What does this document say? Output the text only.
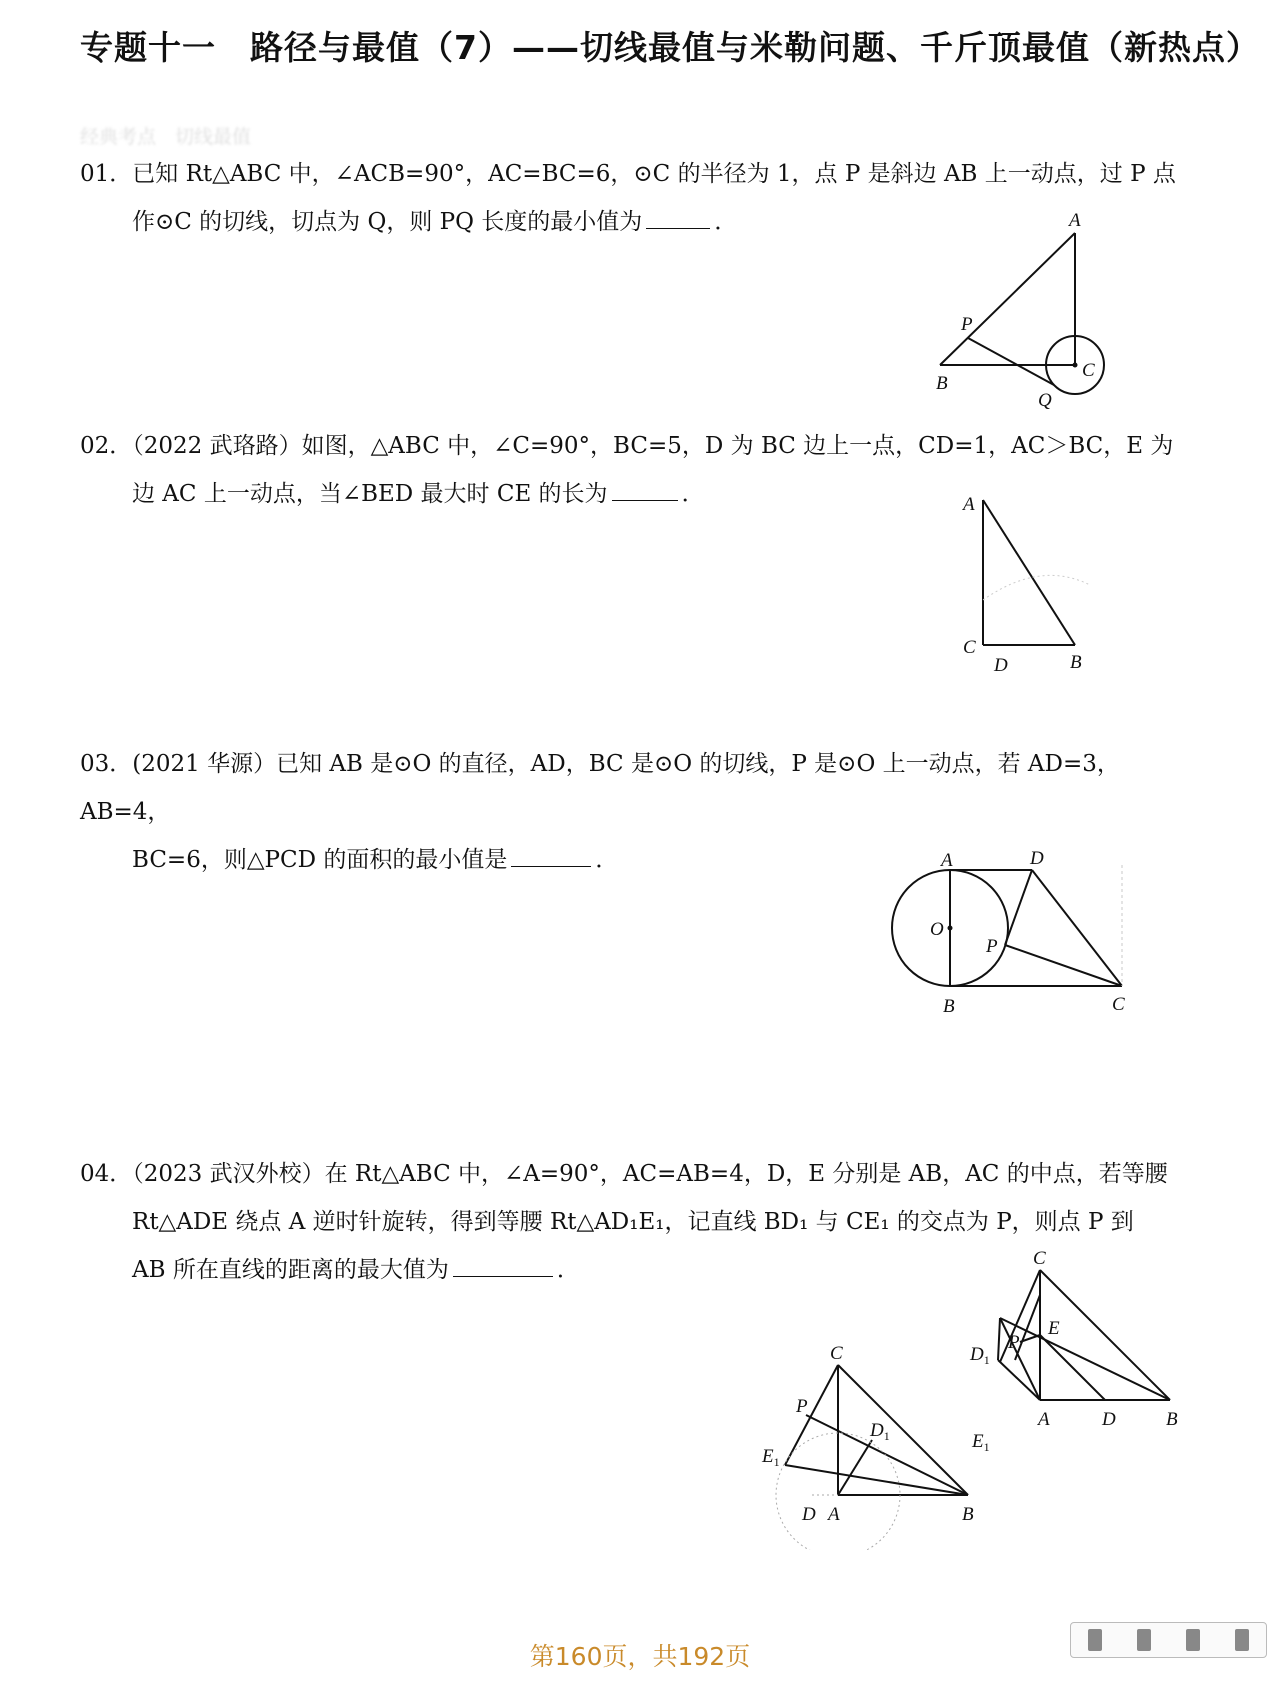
专题十一　路径与最值（7）——切线最值与米勒问题、千斤顶最值（新热点）
经典考点　切线最值
01．已知 Rt△ABC 中，∠ACB=90°，AC=BC=6，⊙C 的半径为 1，点 P 是斜边 AB 上一动点，过 P 点
作⊙C 的切线，切点为 Q，则 PQ 长度的最小值为	．	A
B
C
P
Q
02．（2022 武珞路）如图，△ABC 中，∠C=90°，BC=5，D 为 BC 边上一点，CD=1，AC＞BC，E 为
边 AC 上一动点，当∠BED 最大时 CE 的长为	．	A
C
D	B
03．(2021 华源）已知 AB 是⊙O 的直径，AD，BC 是⊙O 的切线，P 是⊙O 上一动点，若 AD=3，AB=4，
BC=6，则△PCD 的面积的最小值是	．	A	D
O
P
B	C
04．（2023 武汉外校）在 Rt△ABC 中，∠A=90°，AC=AB=4，D，E 分别是 AB，AC 的中点，若等腰
Rt△ADE 绕点 A 逆时针旋转，得到等腰 Rt△AD₁E₁，记直线 BD₁ 与 CE₁ 的交点为 P，则点 P 到
AB 所在直线的距离的最大值为	．
C
P
$D_1$
$E_1$
D A	B
C
E
P
$D_1$
$E_1$
A	D	B
第160页，共192页
